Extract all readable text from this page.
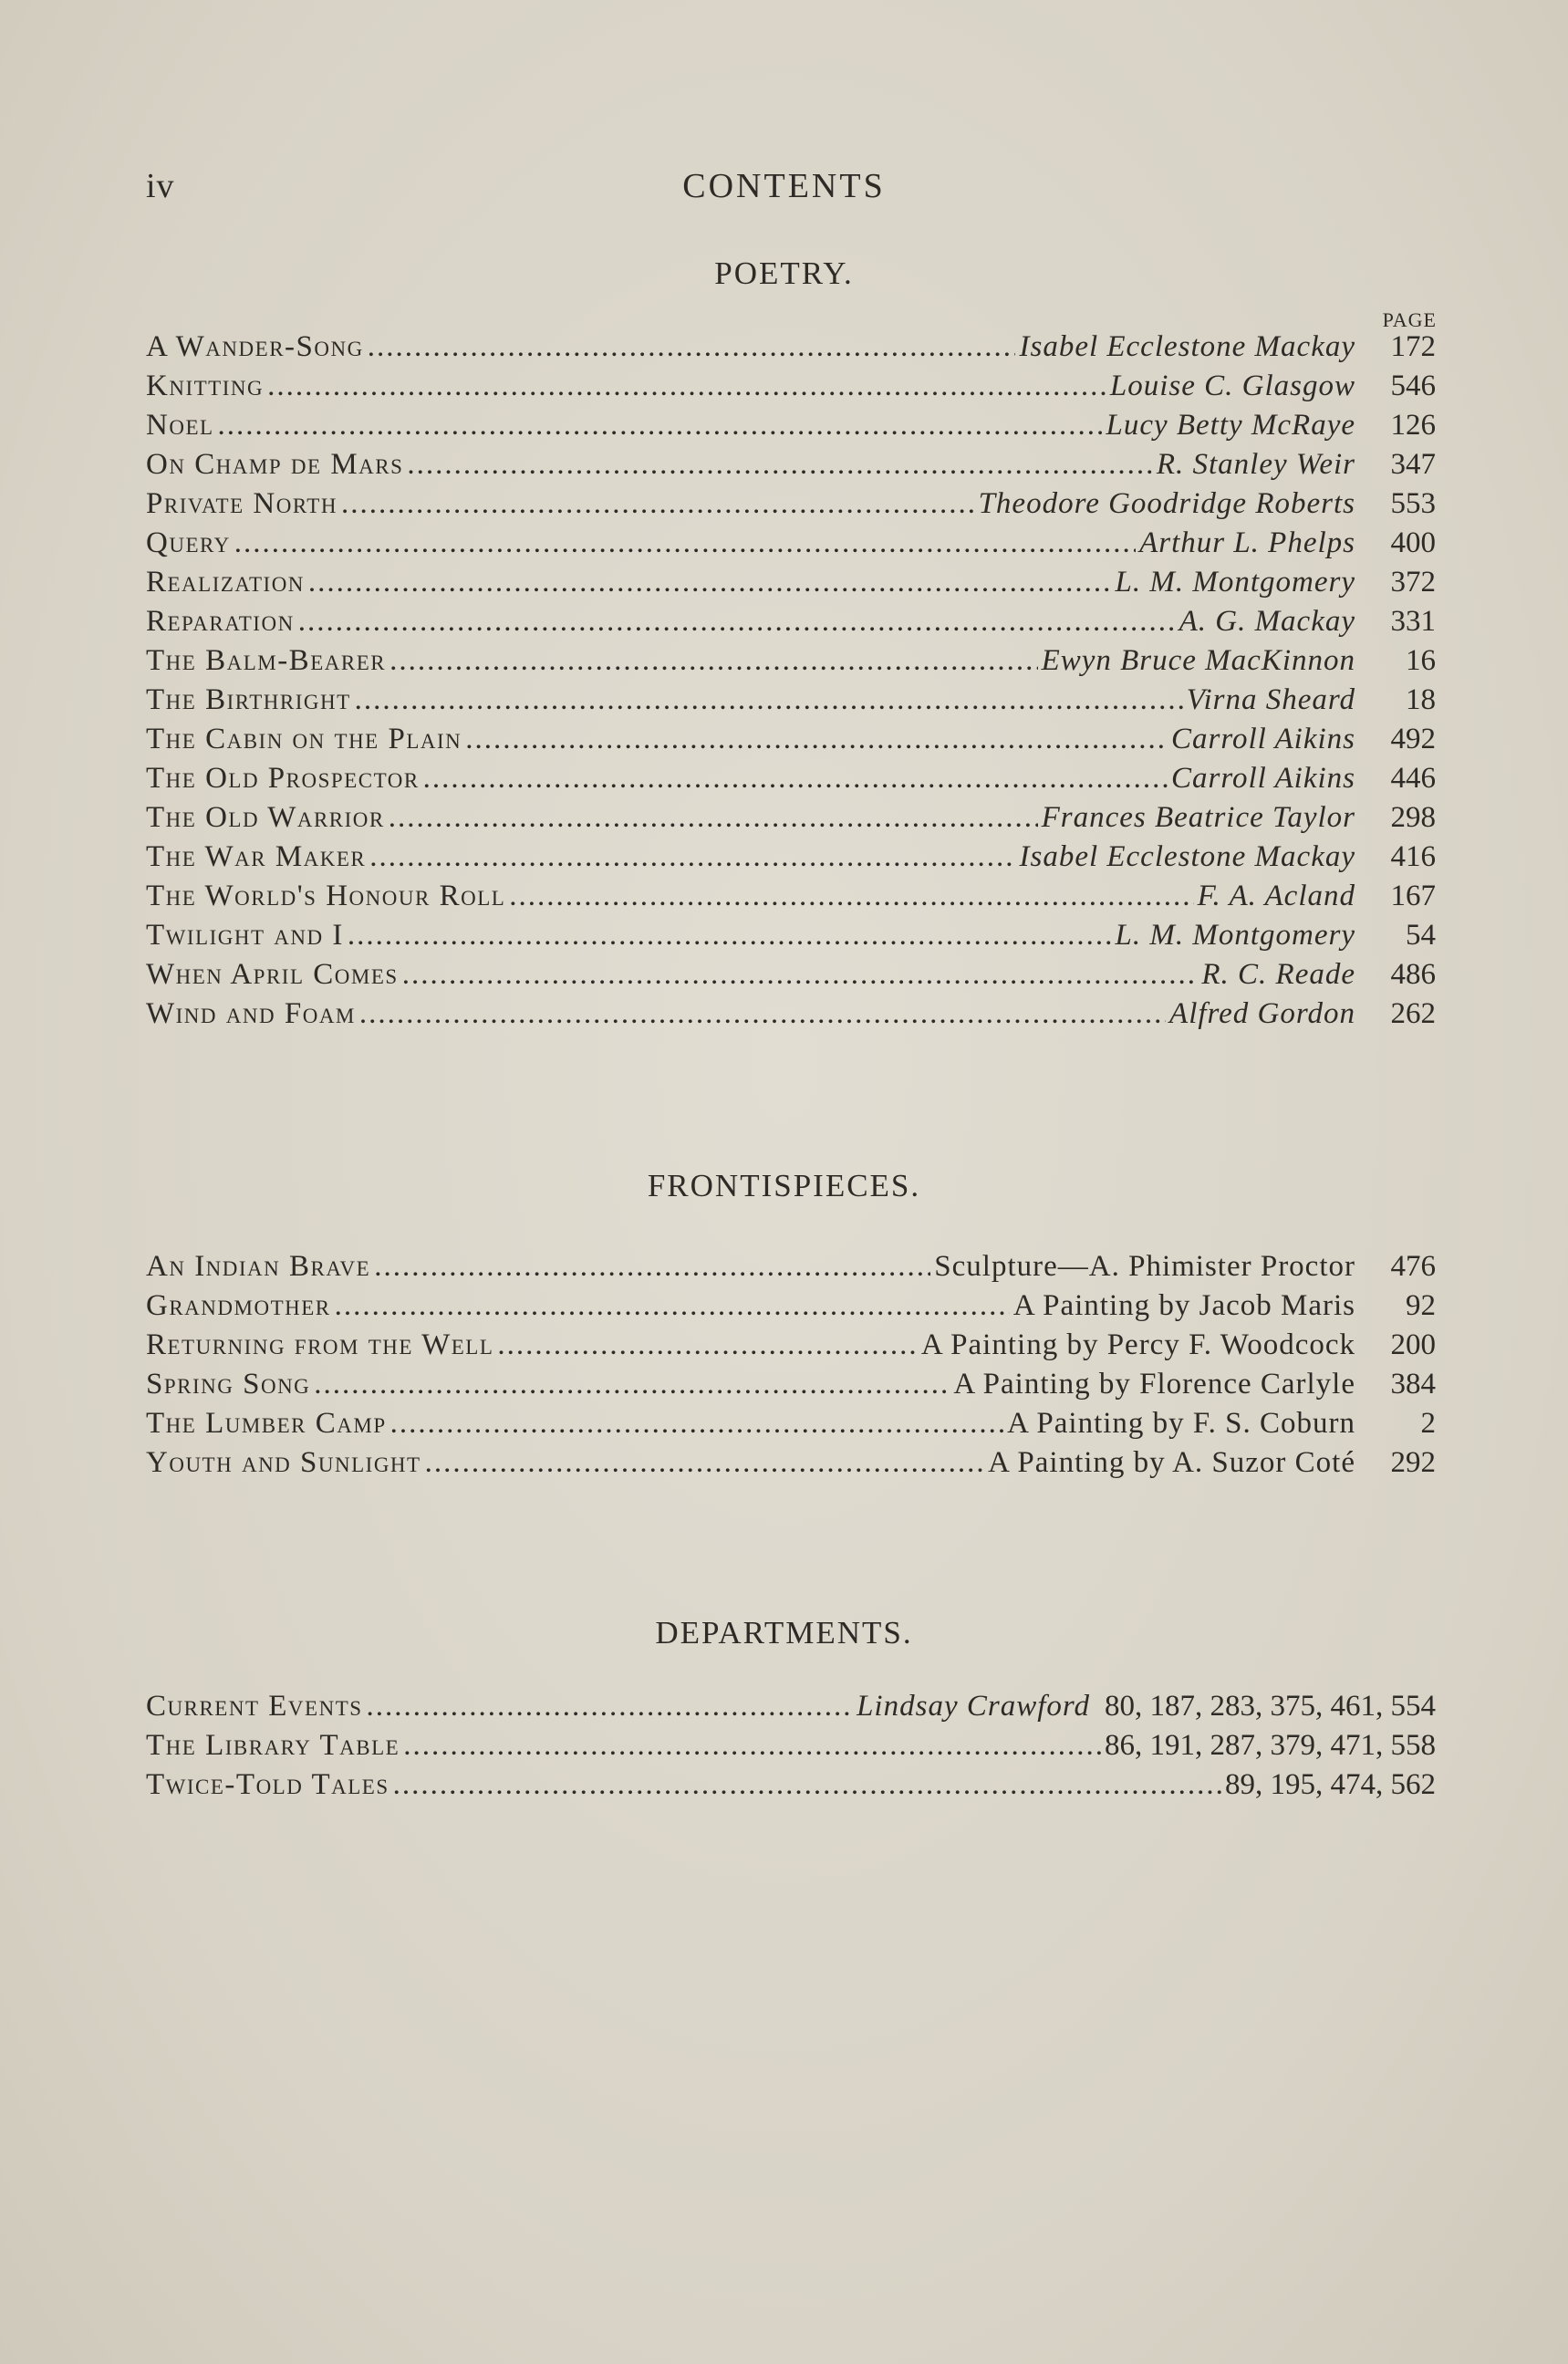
iv	CONTENTS
POETRY.
PAGE
A Wander-Song .....	Isabel Ecclestone Mackay	172
Knitting .....	Louise C. Glasgow	546
Noel .....	Lucy Betty McRaye	126
On Champ de Mars .....	R. Stanley Weir	347
Private North .....	Theodore Goodridge Roberts	553
Query .....	Arthur L. Phelps	400
Realization .....	L. M. Montgomery	372
Reparation .....	A. G. Mackay	331
The Balm-Bearer .....	Ewyn Bruce MacKinnon	16
The Birthright .....	Virna Sheard	18
The Cabin on the Plain .....	Carroll Aikins	492
The Old Prospector .....	Carroll Aikins	446
The Old Warrior .....	Frances Beatrice Taylor	298
The War Maker .....	Isabel Ecclestone Mackay	416
The World's Honour Roll .....	F. A. Acland	167
Twilight and I .....	L. M. Montgomery	54
When April Comes .....	R. C. Reade	486
Wind and Foam .....	Alfred Gordon	262
FRONTISPIECES.
An Indian Brave .....	Sculpture—A. Phimister Proctor	476
Grandmother .....	A Painting by Jacob Maris	92
Returning from the Well .....	A Painting by Percy F. Woodcock	200
Spring Song .....	A Painting by Florence Carlyle	384
The Lumber Camp .....	A Painting by F. S. Coburn	2
Youth and Sunlight .....	A Painting by A. Suzor Coté	292
DEPARTMENTS.
Current Events .....	Lindsay Crawford 80, 187, 283, 375, 461, 554
The Library Table .....	86, 191, 287, 379, 471, 558
Twice-Told Tales .....	89, 195, 474, 562
